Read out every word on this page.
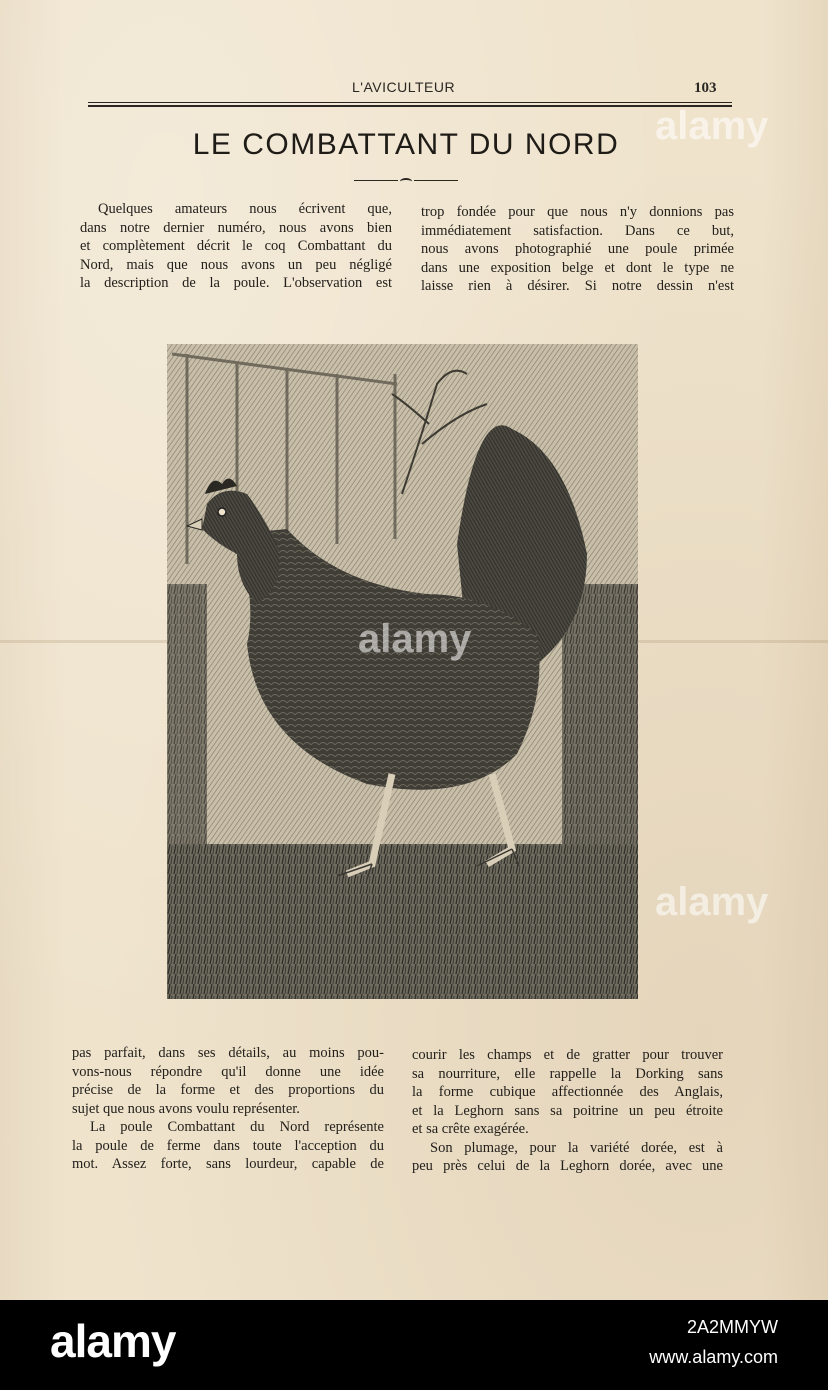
L'AVICULTEUR	103
LE COMBATTANT DU NORD

Quelques amateurs nous écrivent que,

dans notre dernier numéro, nous avons bien

et complètement décrit le coq Combattant du

Nord, mais que nous avons un peu négligé

la description de la poule. L'observation est

trop fondée pour que nous n'y donnions pas

immédiatement satisfaction. Dans ce but,

nous avons photographié une poule primée

dans une exposition belge et dont le type ne

laisse rien à désirer. Si notre dessin n'est

pas parfait, dans ses détails, au moins pou-

vons-nous répondre qu'il donne une idée

précise de la forme et des proportions du

sujet que nous avons voulu représenter.

La poule Combattant du Nord représente

la poule de ferme dans toute l'acception du

mot. Assez forte, sans lourdeur, capable de

courir les champs et de gratter pour trouver

sa nourriture, elle rappelle la Dorking sans

la forme cubique affectionnée des Anglais,

et la Leghorn sans sa poitrine un peu étroite

et sa crête exagérée.

Son plumage, pour la variété dorée, est à

peu près celui de la Leghorn dorée, avec une

alamy
alamy
alamy
alamy	2A2MMYW
www.alamy.com
